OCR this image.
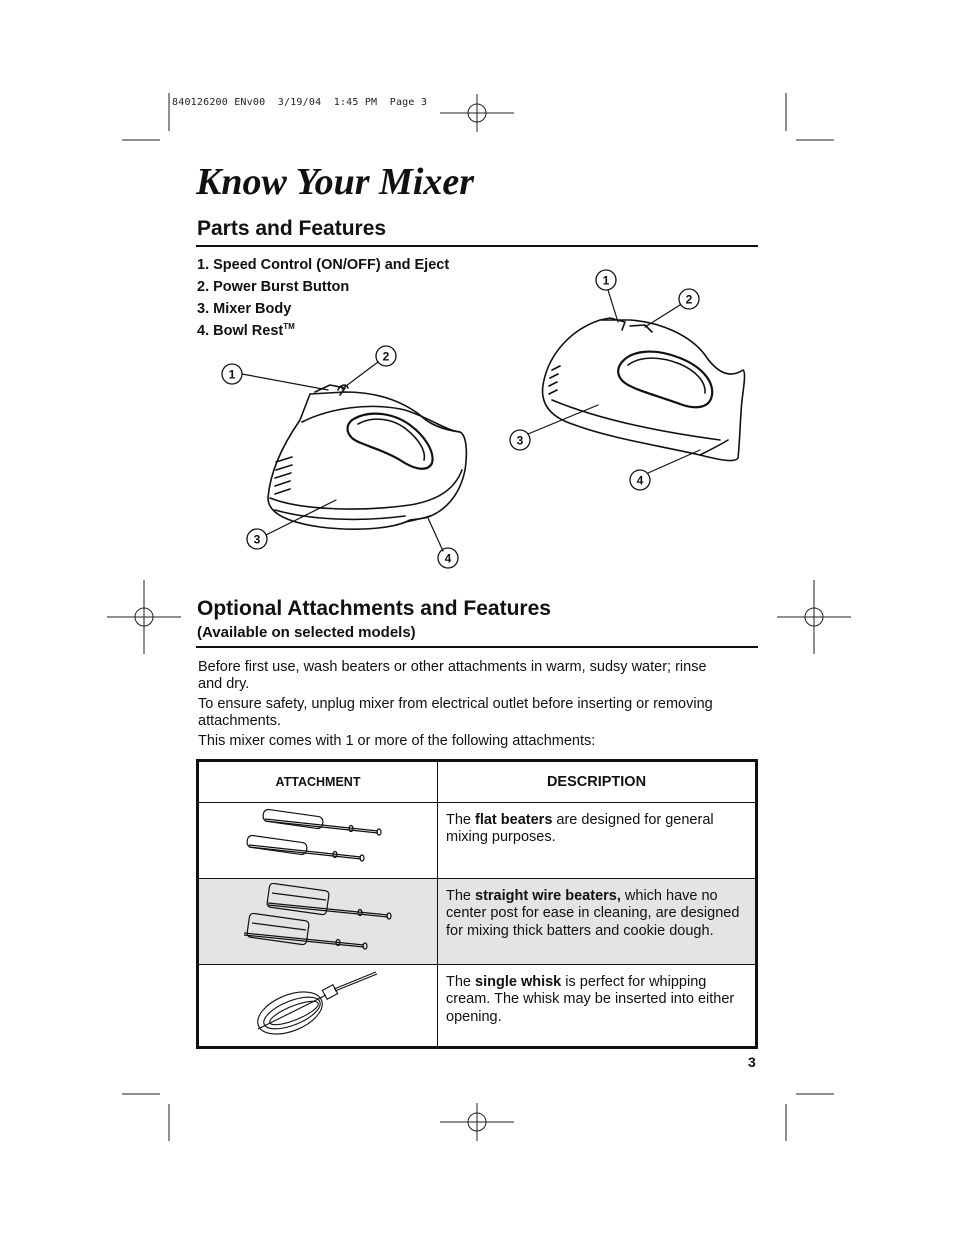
840126200 ENv00  3/19/04  1:45 PM  Page 3
Know Your Mixer
Parts and Features
1. Speed Control (ON/OFF) and Eject
2. Power Burst Button
3. Mixer Body
4. Bowl Rest™
1
2
3
4
1
2
3
4
Optional Attachments and Features
(Available on selected models)

Before first use, wash beaters or other attachments in warm, sudsy water; rinse and dry.

To ensure safety, unplug mixer from electrical outlet before inserting or removing attachments.

This mixer comes with 1 or more of the following attachments:

ATTACHMENT	DESCRIPTION
	The flat beaters are designed for general mixing purposes.
	The straight wire beaters, which have no center post for ease in cleaning, are designed for mixing thick batters and cookie dough.
	The single whisk is perfect for whipping cream. The whisk may be inserted into either opening.
3
